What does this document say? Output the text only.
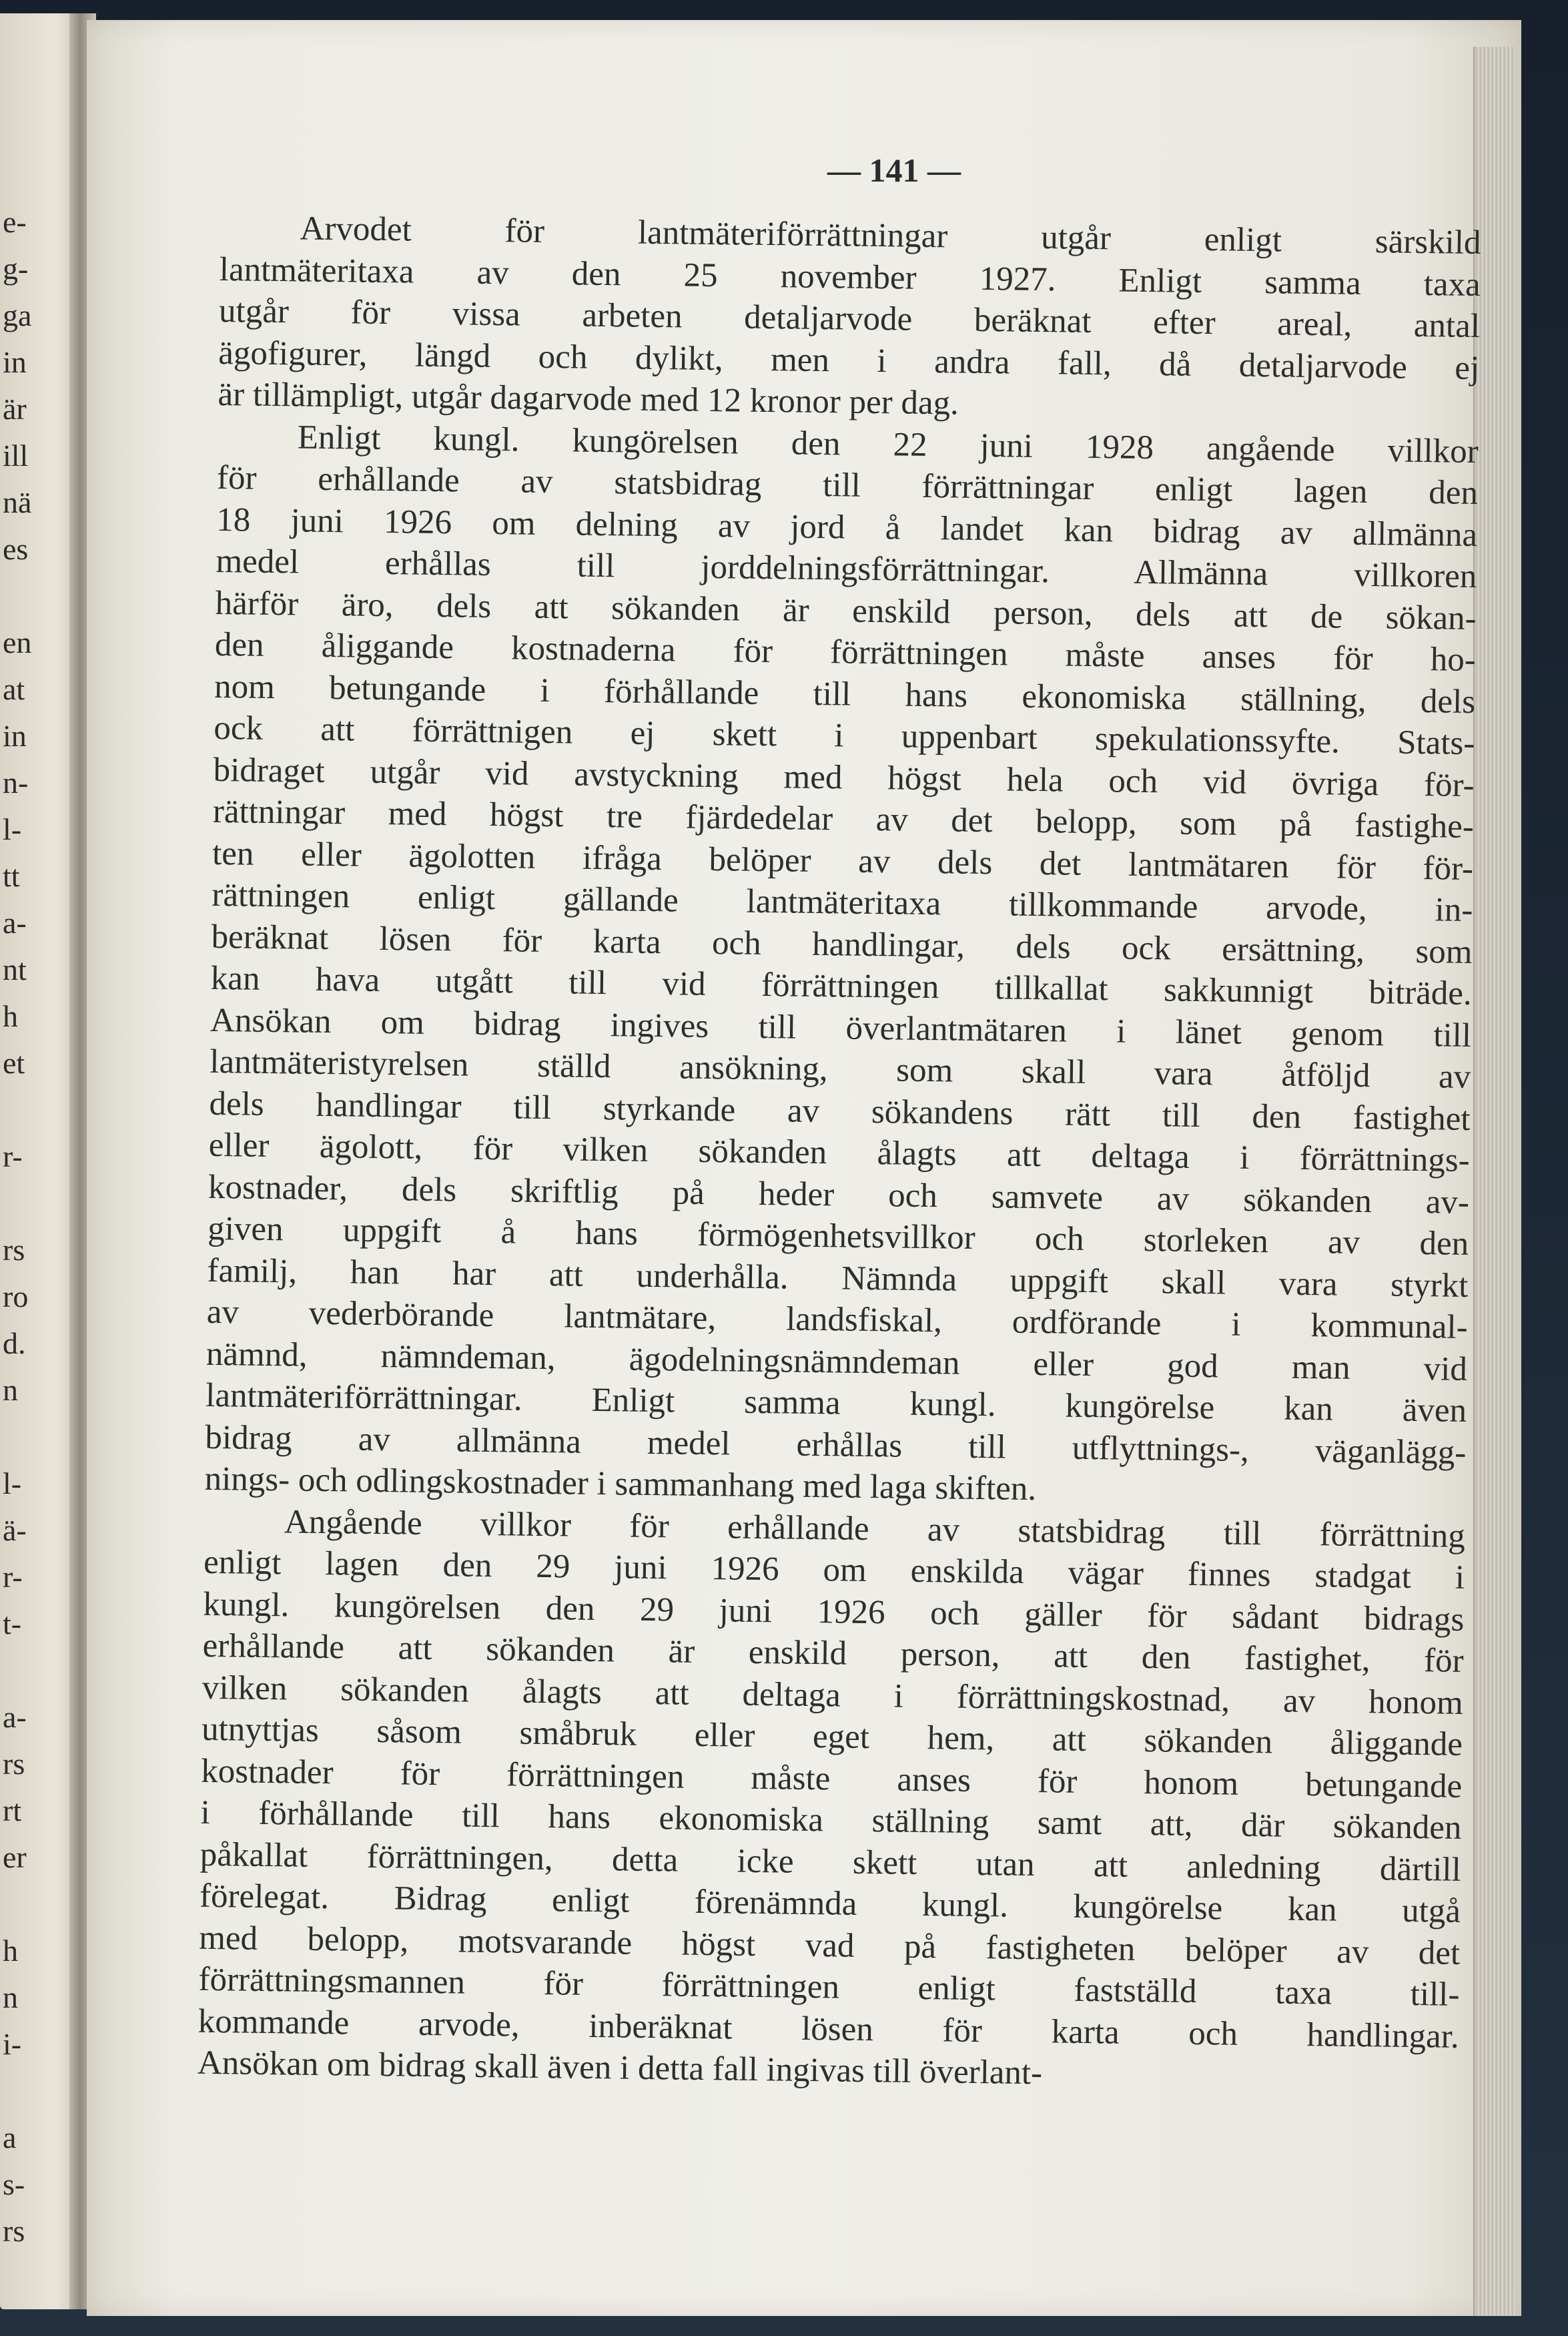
e-
g-
ga
in
är
ill
nä
es
en
at
in
n-
l-
tt
a-
nt
h
et
r-
rs
ro
d.
n
l-
ä-
r-
t-
a-
rs
rt
er
h
n
i-
a
s-
rs
— 141 —

Arvodet för lantmäteriförrättningar utgår enligt särskild
lantmäteritaxa av den 25 november 1927. Enligt samma taxa
utgår för vissa arbeten detaljarvode beräknat efter areal, antal
ägofigurer, längd och dylikt, men i andra fall, då detaljarvode ej
är tillämpligt, utgår dagarvode med 12 kronor per dag.

Enligt kungl. kungörelsen den 22 juni 1928 angående villkor
för erhållande av statsbidrag till förrättningar enligt lagen den
18 juni 1926 om delning av jord å landet kan bidrag av allmänna
medel erhållas till jorddelningsförrättningar. Allmänna villkoren
härför äro, dels att sökanden är enskild person, dels att de sökan-
den åliggande kostnaderna för förrättningen måste anses för ho-
nom betungande i förhållande till hans ekonomiska ställning, dels
ock att förrättnigen ej skett i uppenbart spekulationssyfte. Stats-
bidraget utgår vid avstyckning med högst hela och vid övriga för-
rättningar med högst tre fjärdedelar av det belopp, som på fastighe-
ten eller ägolotten ifråga belöper av dels det lantmätaren för för-
rättningen enligt gällande lantmäteritaxa tillkommande arvode, in-
beräknat lösen för karta och handlingar, dels ock ersättning, som
kan hava utgått till vid förrättningen tillkallat sakkunnigt biträde.
Ansökan om bidrag ingives till överlantmätaren i länet genom till
lantmäteristyrelsen ställd ansökning, som skall vara åtföljd av
dels handlingar till styrkande av sökandens rätt till den fastighet
eller ägolott, för vilken sökanden ålagts att deltaga i förrättnings-
kostnader, dels skriftlig på heder och samvete av sökanden av-
given uppgift å hans förmögenhetsvillkor och storleken av den
familj, han har att underhålla. Nämnda uppgift skall vara styrkt
av vederbörande lantmätare, landsfiskal, ordförande i kommunal-
nämnd, nämndeman, ägodelningsnämndeman eller god man vid
lantmäteriförrättningar. Enligt samma kungl. kungörelse kan även
bidrag av allmänna medel erhållas till utflyttnings-, väganlägg-
nings- och odlingskostnader i sammanhang med laga skiften.

Angående villkor för erhållande av statsbidrag till förrättning
enligt lagen den 29 juni 1926 om enskilda vägar finnes stadgat i
kungl. kungörelsen den 29 juni 1926 och gäller för sådant bidrags
erhållande att sökanden är enskild person, att den fastighet, för
vilken sökanden ålagts att deltaga i förrättningskostnad, av honom
utnyttjas såsom småbruk eller eget hem, att sökanden åliggande
kostnader för förrättningen måste anses för honom betungande
i förhållande till hans ekonomiska ställning samt att, där sökanden
påkallat förrättningen, detta icke skett utan att anledning därtill
förelegat. Bidrag enligt förenämnda kungl. kungörelse kan utgå
med belopp, motsvarande högst vad på fastigheten belöper av det
förrättningsmannen för förrättningen enligt fastställd taxa till-
kommande arvode, inberäknat lösen för karta och handlingar.
Ansökan om bidrag skall även i detta fall ingivas till överlant-
